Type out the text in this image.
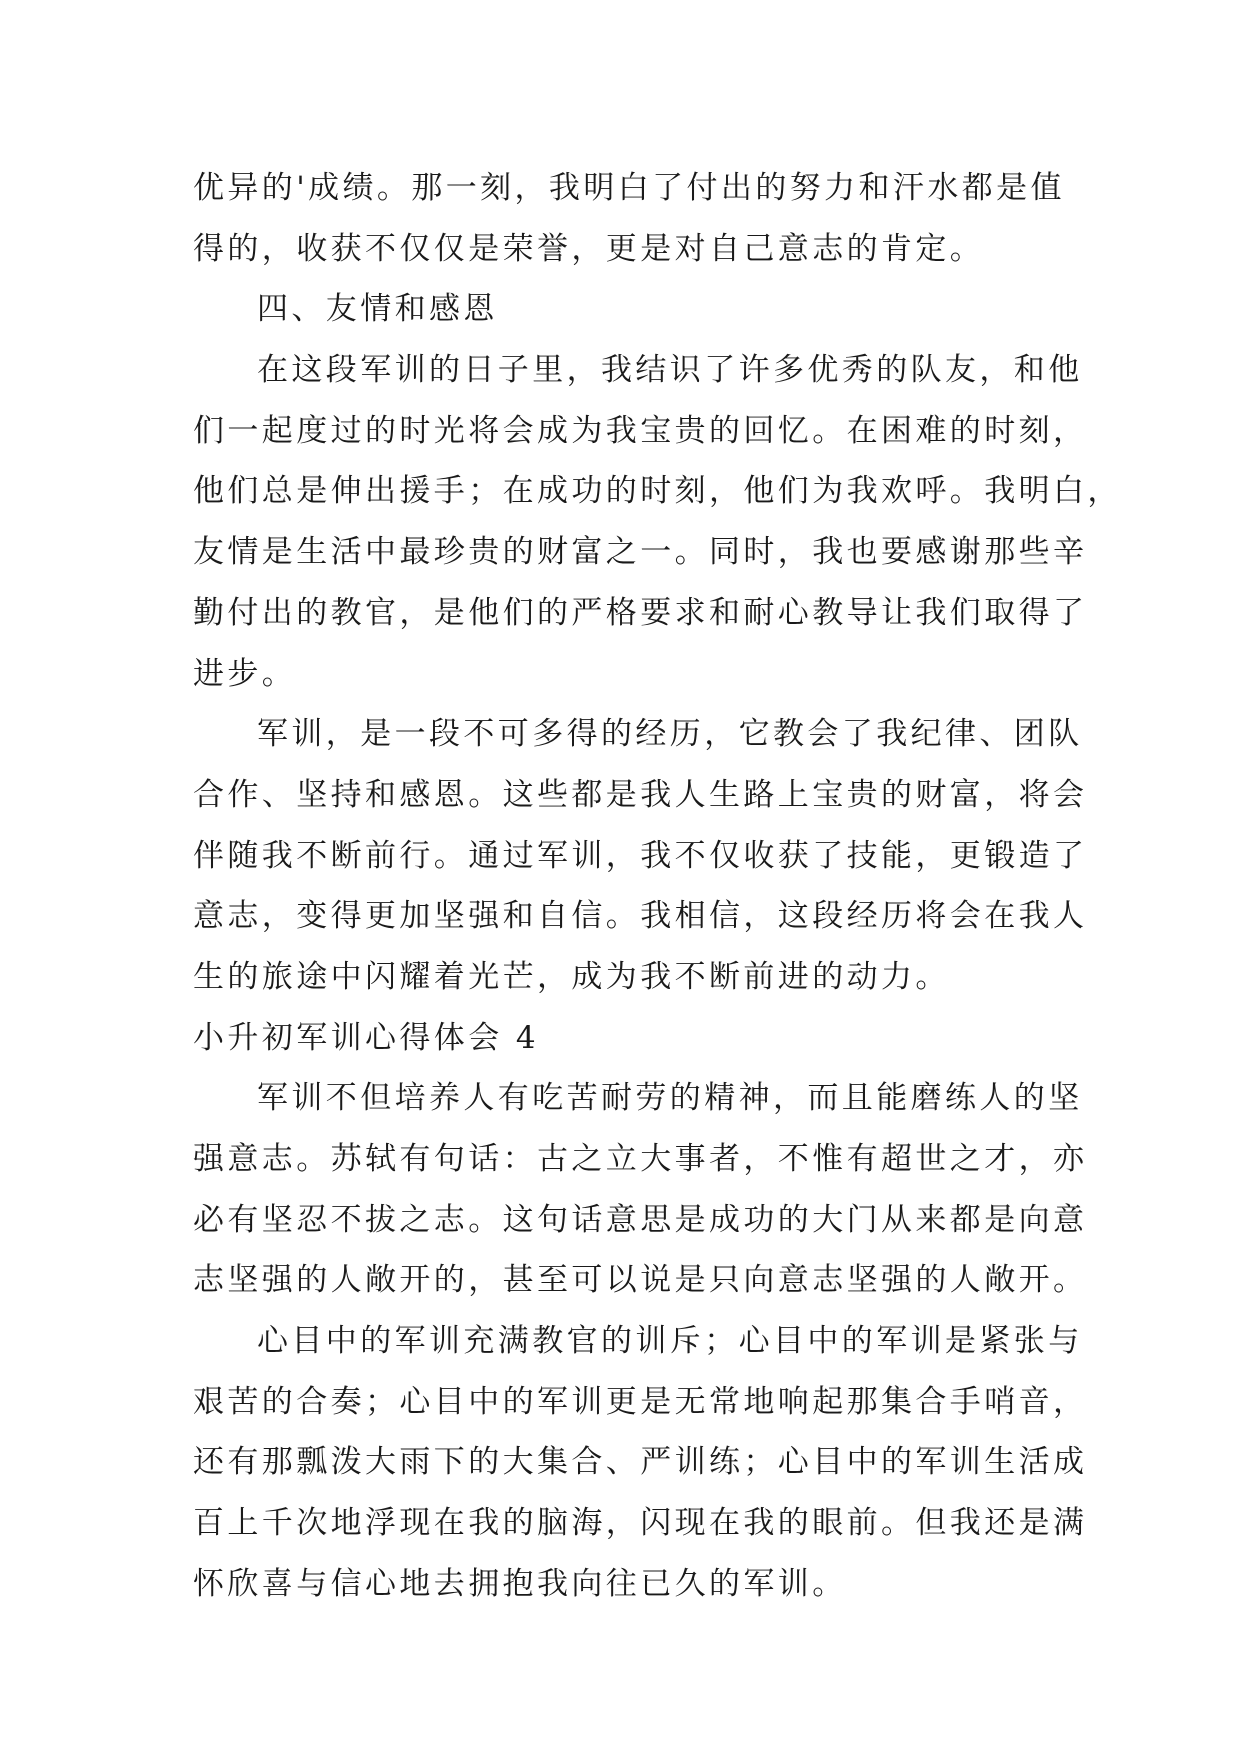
优异的'成绩。那一刻，我明白了付出的努力和汗水都是值
得的，收获不仅仅是荣誉，更是对自己意志的肯定。
四、友情和感恩
在这段军训的日子里，我结识了许多优秀的队友，和他
们一起度过的时光将会成为我宝贵的回忆。在困难的时刻，
他们总是伸出援手；在成功的时刻，他们为我欢呼。我明白，
友情是生活中最珍贵的财富之一。同时，我也要感谢那些辛
勤付出的教官，是他们的严格要求和耐心教导让我们取得了
进步。
军训，是一段不可多得的经历，它教会了我纪律、团队
合作、坚持和感恩。这些都是我人生路上宝贵的财富，将会
伴随我不断前行。通过军训，我不仅收获了技能，更锻造了
意志，变得更加坚强和自信。我相信，这段经历将会在我人
生的旅途中闪耀着光芒，成为我不断前进的动力。
小升初军训心得体会 4
军训不但培养人有吃苦耐劳的精神，而且能磨练人的坚
强意志。苏轼有句话：古之立大事者，不惟有超世之才，亦
必有坚忍不拔之志。这句话意思是成功的大门从来都是向意
志坚强的人敞开的，甚至可以说是只向意志坚强的人敞开。
心目中的军训充满教官的训斥；心目中的军训是紧张与
艰苦的合奏；心目中的军训更是无常地响起那集合手哨音，
还有那瓢泼大雨下的大集合、严训练；心目中的军训生活成
百上千次地浮现在我的脑海，闪现在我的眼前。但我还是满
怀欣喜与信心地去拥抱我向往已久的军训。
